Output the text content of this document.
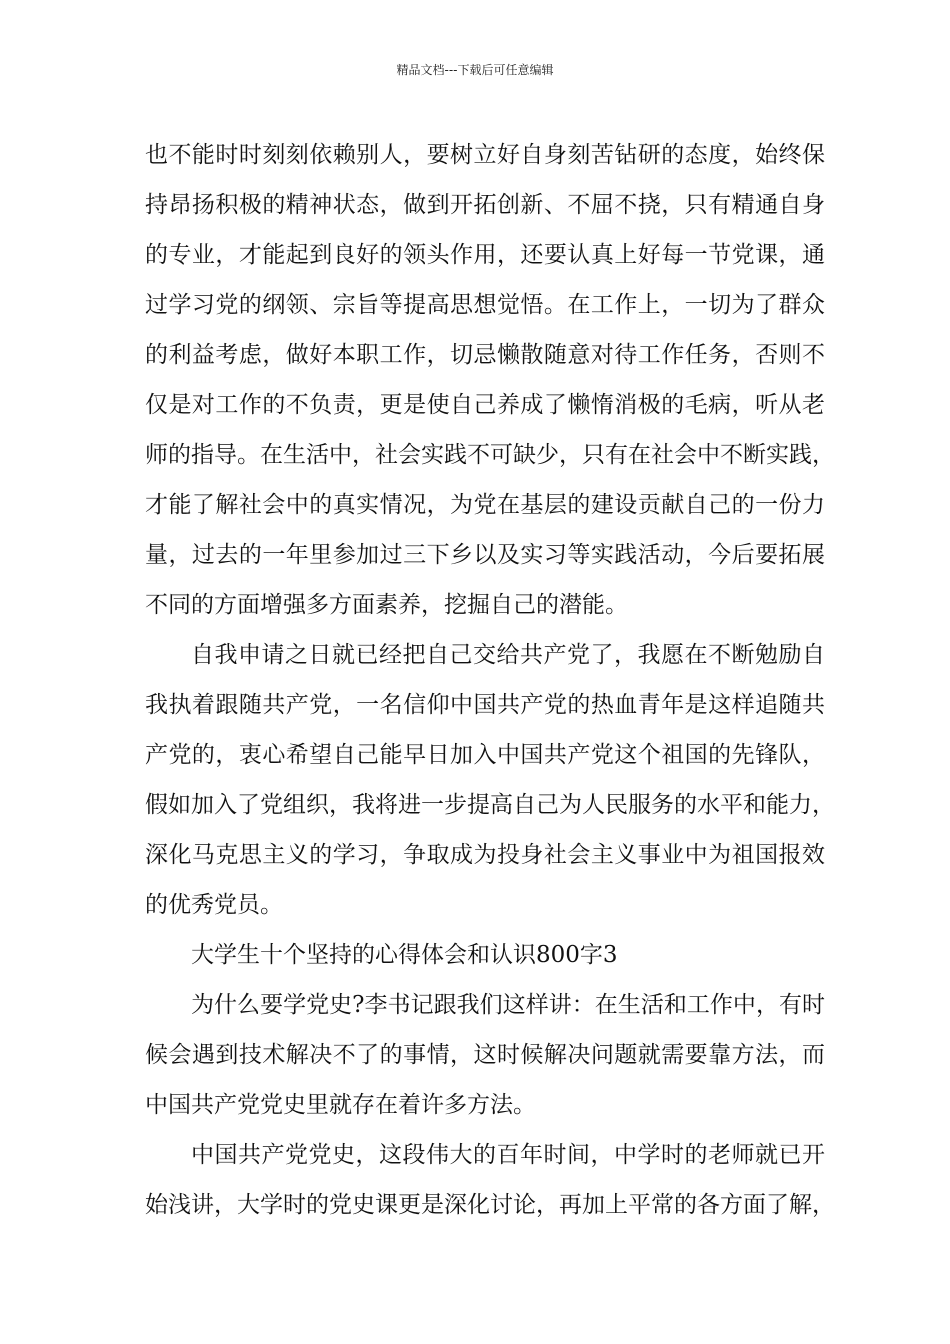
精品文档---下载后可任意编辑
也不能时时刻刻依赖别人，要树立好自身刻苦钻研的态度，始终保
持昂扬积极的精神状态，做到开拓创新、不屈不挠，只有精通自身
的专业，才能起到良好的领头作用，还要认真上好每一节党课，通
过学习党的纲领、宗旨等提高思想觉悟。在工作上，一切为了群众
的利益考虑，做好本职工作，切忌懒散随意对待工作任务，否则不
仅是对工作的不负责，更是使自己养成了懒惰消极的毛病，听从老
师的指导。在生活中，社会实践不可缺少，只有在社会中不断实践，
才能了解社会中的真实情况，为党在基层的建设贡献自己的一份力
量，过去的一年里参加过三下乡以及实习等实践活动，今后要拓展
不同的方面增强多方面素养，挖掘自己的潜能。
自我申请之日就已经把自己交给共产党了，我愿在不断勉励自
我执着跟随共产党，一名信仰中国共产党的热血青年是这样追随共
产党的，衷心希望自己能早日加入中国共产党这个祖国的先锋队，
假如加入了党组织，我将进一步提高自己为人民服务的水平和能力，
深化马克思主义的学习，争取成为投身社会主义事业中为祖国报效
的优秀党员。
大学生十个坚持的心得体会和认识800字3
为什么要学党史?李书记跟我们这样讲：在生活和工作中，有时
候会遇到技术解决不了的事情，这时候解决问题就需要靠方法，而
中国共产党党史里就存在着许多方法。
中国共产党党史，这段伟大的百年时间，中学时的老师就已开
始浅讲，大学时的党史课更是深化讨论，再加上平常的各方面了解，
